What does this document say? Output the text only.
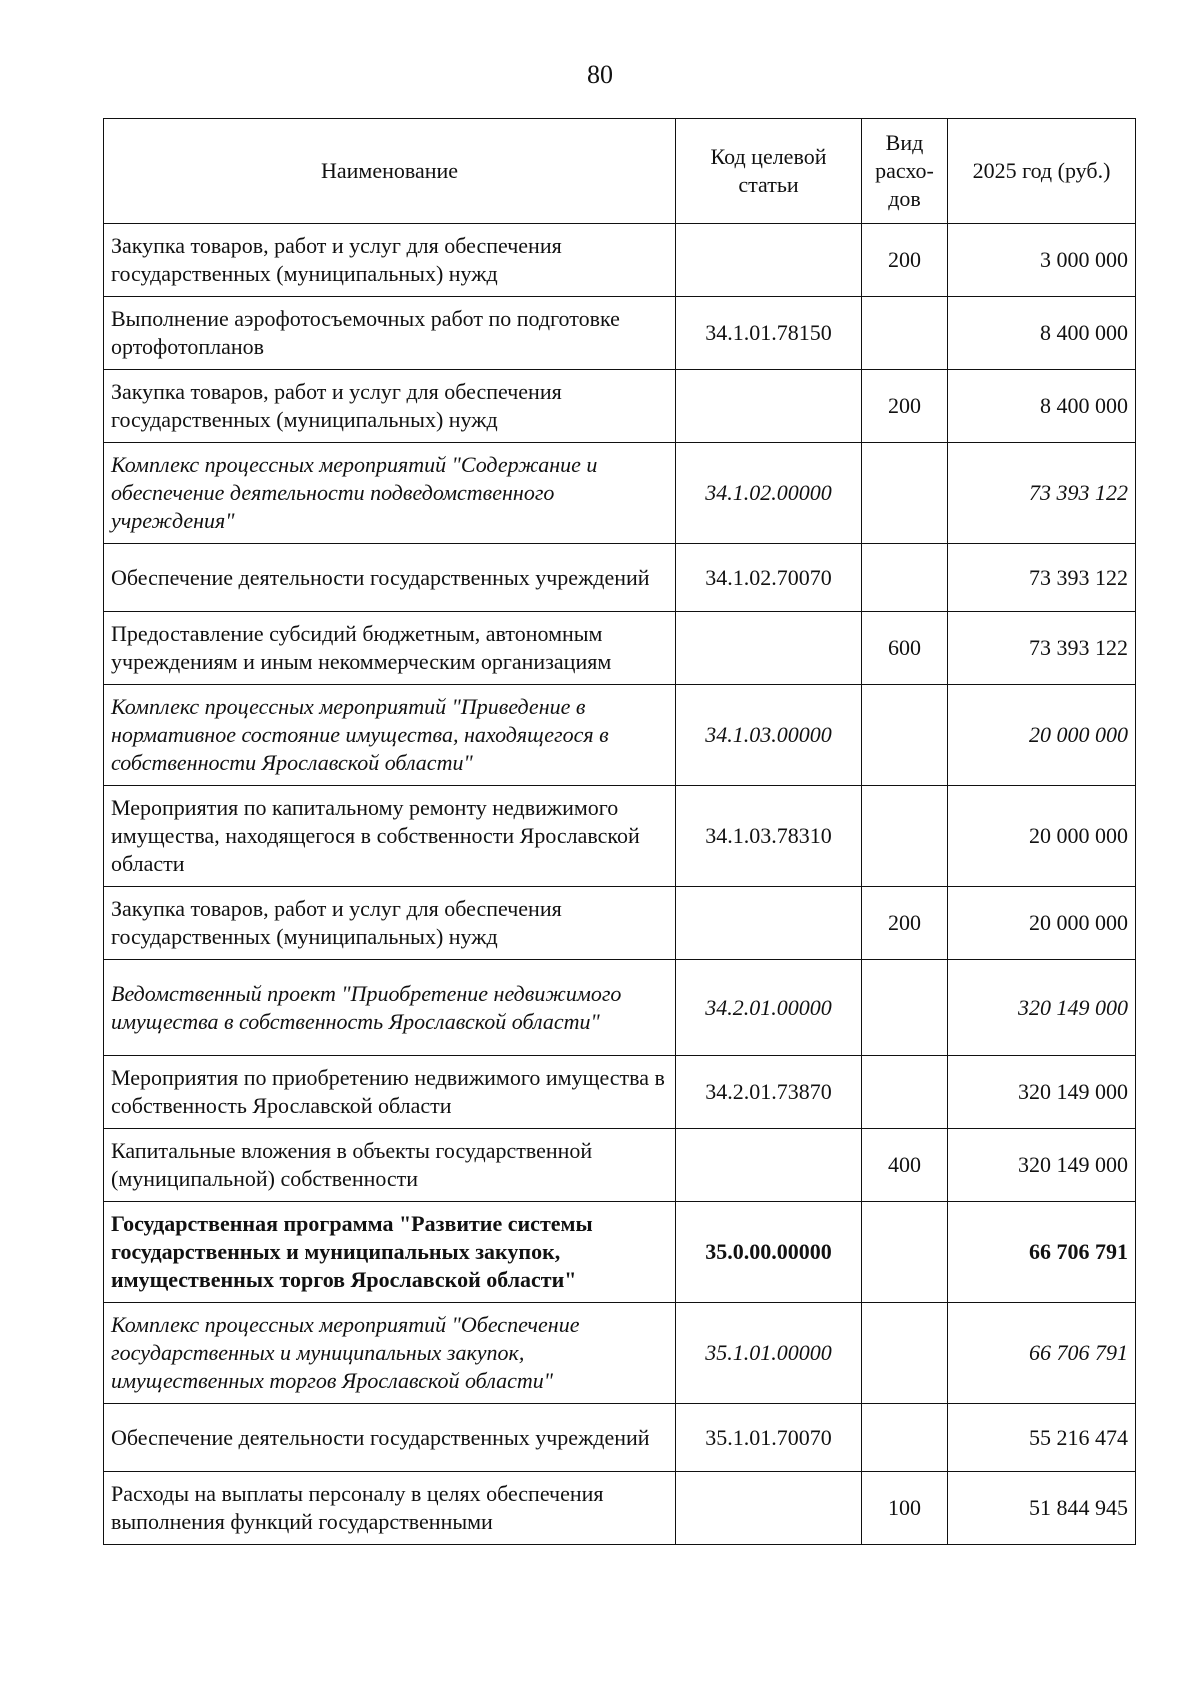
80
Наименование	Код целевой статьи	Вид расхо-дов	2025 год (руб.)
Закупка товаров, работ и услуг для обеспечения государственных (муниципальных) нужд		200	3 000 000
Выполнение аэрофотосъемочных работ по подготовке ортофотопланов	34.1.01.78150		8 400 000
Закупка товаров, работ и услуг для обеспечения государственных (муниципальных) нужд		200	8 400 000
Комплекс процессных мероприятий "Содержание и обеспечение деятельности подведомственного учреждения"	34.1.02.00000		73 393 122
Обеспечение деятельности государственных учреждений	34.1.02.70070		73 393 122
Предоставление субсидий бюджетным, автономным учреждениям и иным некоммерческим организациям		600	73 393 122
Комплекс процессных мероприятий "Приведение в нормативное состояние имущества, находящегося в собственности Ярославской области"	34.1.03.00000		20 000 000
Мероприятия по капитальному ремонту недвижимого имущества, находящегося в собственности Ярославской области	34.1.03.78310		20 000 000
Закупка товаров, работ и услуг для обеспечения государственных (муниципальных) нужд		200	20 000 000
Ведомственный проект "Приобретение недвижимого имущества в собственность Ярославской области"	34.2.01.00000		320 149 000
Мероприятия по приобретению недвижимого имущества в собственность Ярославской области	34.2.01.73870		320 149 000
Капитальные вложения в объекты государственной (муниципальной) собственности		400	320 149 000
Государственная программа "Развитие системы государственных и муниципальных закупок, имущественных торгов Ярославской области"	35.0.00.00000		66 706 791
Комплекс процессных мероприятий "Обеспечение государственных и муниципальных закупок, имущественных торгов Ярославской области"	35.1.01.00000		66 706 791
Обеспечение деятельности государственных учреждений	35.1.01.70070		55 216 474
Расходы на выплаты персоналу в целях обеспечения выполнения функций государственными		100	51 844 945
